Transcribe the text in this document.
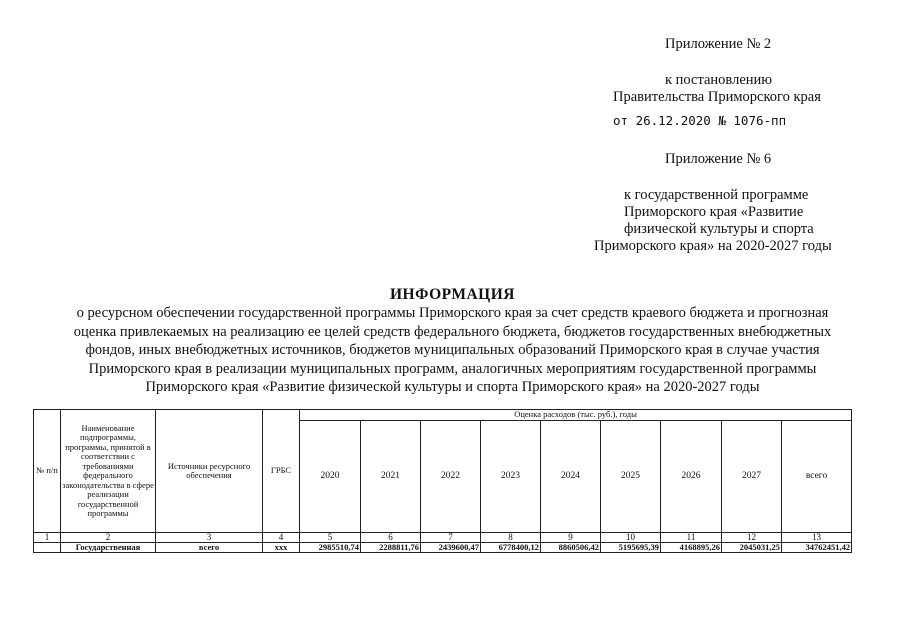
Приложение № 2
к постановлению
Правительства Приморского края
от 26.12.2020 № 1076-пп
Приложение № 6
к государственной программе
Приморского края «Развитие
физической культуры и спорта
Приморского края» на 2020-2027 годы
ИНФОРМАЦИЯ
о ресурсном обеспечении государственной программы Приморского края за счет средств краевого бюджета и прогнозная
оценка привлекаемых на реализацию ее целей средств федерального бюджета, бюджетов государственных внебюджетных
фондов, иных внебюджетных источников, бюджетов муниципальных образований Приморского края в случае участия
Приморского края в реализации муниципальных программ, аналогичных мероприятиям государственной программы
Приморского края «Развитие физической культуры и спорта Приморского края» на 2020-2027 годы
№ п/п	Наименование подпрограммы, программы, принятой в соответствии с требованиями федерального законодательства в сфере реализации государственной программы	Источники ресурсного обеспечения	ГРБС	Оценка расходов (тыс. руб.), годы								
				2020	2021	2022	2023	2024	2025	2026	2027	всего
1	2	3	4	5	6	7	8	9	10	11	12	13
	Государственная	всего	ххх	2985510,74	2288811,76	2439600,47	6778400,12	8860506,42	5195695,39	4168895,26	2045031,25	34762451,42
